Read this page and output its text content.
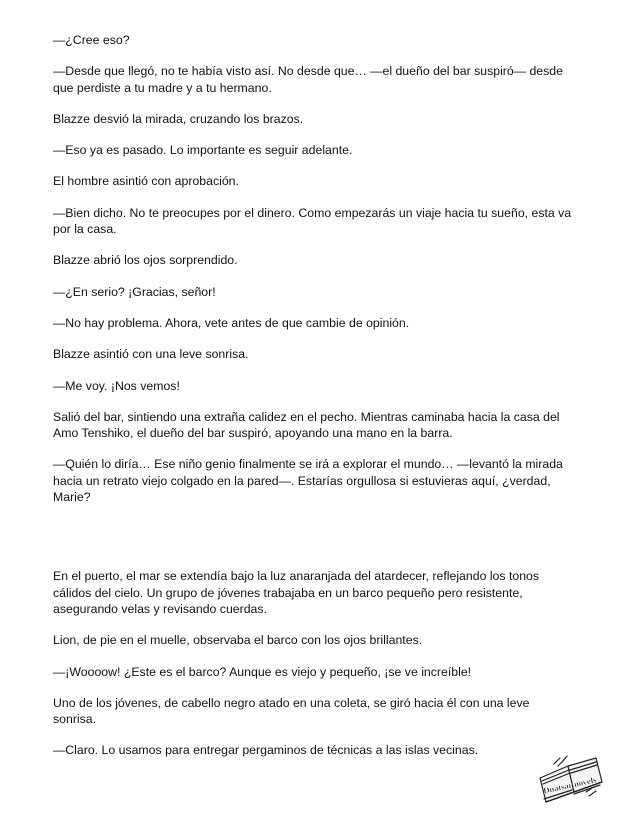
—¿Cree eso?

—Desde que llegó, no te había visto así. No desde que… —el dueño del bar suspiró— desde que perdiste a tu madre y a tu hermano.

Blazze desvió la mirada, cruzando los brazos.

—Eso ya es pasado. Lo importante es seguir adelante.

El hombre asintió con aprobación.

—Bien dicho. No te preocupes por el dinero. Como empezarás un viaje hacia tu sueño, esta va por la casa.

Blazze abrió los ojos sorprendido.

—¿En serio? ¡Gracias, señor!

—No hay problema. Ahora, vete antes de que cambie de opinión.

Blazze asintió con una leve sonrisa.

—Me voy. ¡Nos vemos!

Salió del bar, sintiendo una extraña calidez en el pecho. Mientras caminaba hacia la casa del Amo Tenshiko, el dueño del bar suspiró, apoyando una mano en la barra.

—Quién lo diría… Ese niño genio finalmente se irá a explorar el mundo… —levantó la mirada hacia un retrato viejo colgado en la pared—. Estarías orgullosa si estuvieras aquí, ¿verdad, Marie?

En el puerto, el mar se extendía bajo la luz anaranjada del atardecer, reflejando los tonos cálidos del cielo. Un grupo de jóvenes trabajaba en un barco pequeño pero resistente, asegurando velas y revisando cuerdas.

Lion, de pie en el muelle, observaba el barco con los ojos brillantes.

—¡Woooow! ¿Este es el barco? Aunque es viejo y pequeño, ¡se ve increíble!

Uno de los jóvenes, de cabello negro atado en una coleta, se giró hacia él con una leve sonrisa.

—Claro. Lo usamos para entregar pergaminos de técnicas a las islas vecinas.

Duatsar novels
